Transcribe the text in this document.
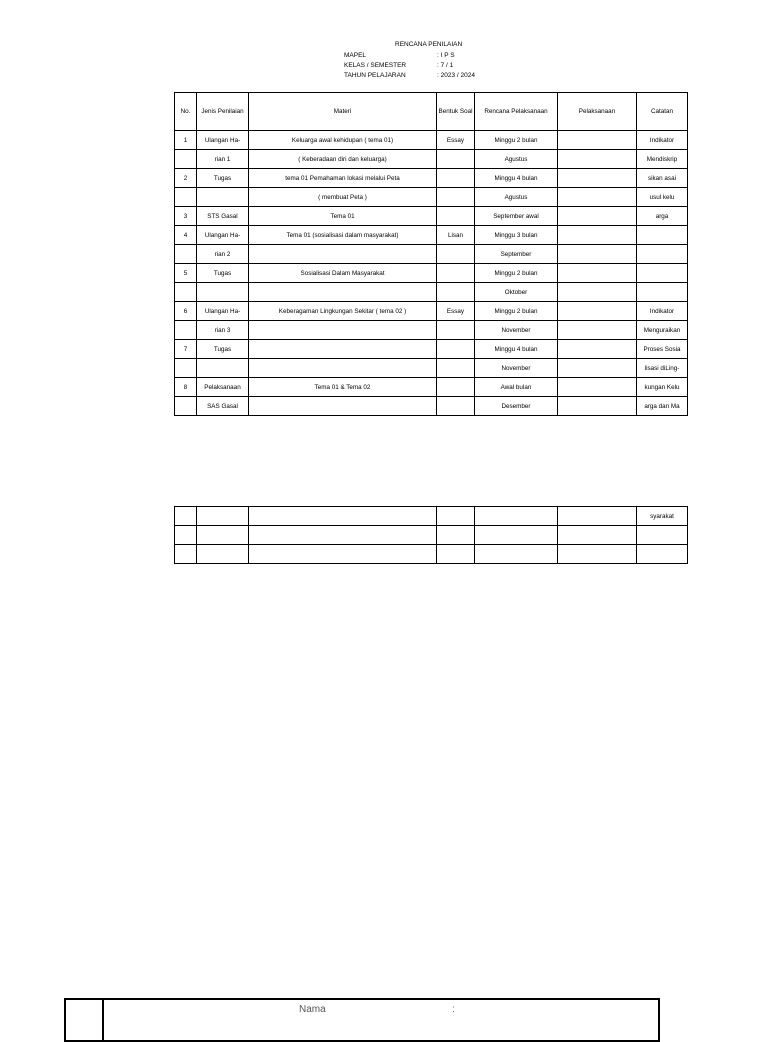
RENCANA PENILAIAN
MAPEL	: I P S
KELAS / SEMESTER	: 7 / 1
TAHUN PELAJARAN	: 2023 / 2024
No.	Jenis Penilaian	Materi	Bentuk Soal	Rencana Pelaksanaan	Pelaksanaan	Catatan
1	Ulangan Ha-	Keluarga awal kehidupan ( tema 01)	Essay	Minggu 2 bulan		Indikator
	rian 1	( Keberadaan diri dan keluarga)		Agustus		Mendiskrip
2	Tugas	tema 01 Pemahaman lokasi melalui Peta		Minggu 4 bulan		sikan asai
		( membuat Peta )		Agustus		usul kelu
3	STS Gasal	Tema 01		September awal		arga
4	Ulangan Ha-	Tema 01 (sosialisasi dalam masyarakat)	Lisan	Minggu 3 bulan		
	rian 2			September		
5	Tugas	Sosialisasi Dalam Masyarakat		Minggu 2 bulan		
				Oktober		
6	Ulangan Ha-	Keberagaman Lingkungan Sekitar ( tema 02 )	Essay	Minggu 2 bulan		Indikator
	rian 3			November		Menguraikan
7	Tugas			Minggu 4 bulan		Proses Sosia
				November		lisasi diLing-
8	Pelaksanaan	Tema 01 & Tema 02		Awal bulan		kungan Kelu
	SAS Gasal			Desember		arga dan Ma
						syarakat

Nama	:
